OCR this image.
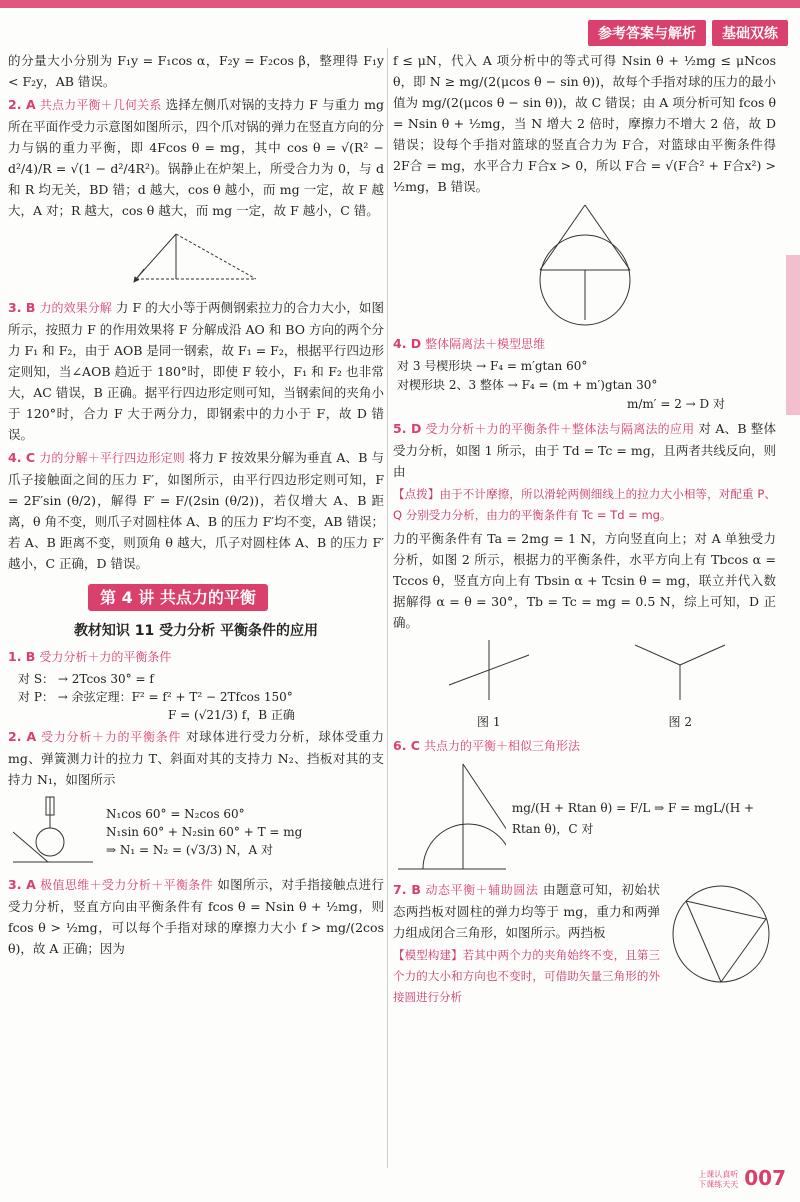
参考答案与解析	基础双练

的分量大小分别为 F₁y = F₁cos α，F₂y = F₂cos β，整理得 F₁y < F₂y，AB 错误。

2. A 共点力平衡＋几何关系 选择左侧爪对锅的支持力 F 与重力 mg 所在平面作受力示意图如图所示，四个爪对锅的弹力在竖直方向的分力与锅的重力平衡，即 4Fcos θ = mg，其中 cos θ = √(R² − d²/4)/R = √(1 − d²/4R²)。锅静止在炉架上，所受合力为 0，与 d 和 R 均无关，BD 错；d 越大，cos θ 越小，而 mg 一定，故 F 越大，A 对；R 越大，cos θ 越大，而 mg 一定，故 F 越小，C 错。

3. B 力的效果分解 力 F 的大小等于两侧钢索拉力的合力大小，如图所示，按照力 F 的作用效果将 F 分解成沿 AO 和 BO 方向的两个分力 F₁ 和 F₂，由于 AOB 是同一钢索，故 F₁ = F₂，根据平行四边形定则知，当∠AOB 趋近于 180°时，即使 F 较小，F₁ 和 F₂ 也非常大，AC 错误，B 正确。据平行四边形定则可知，当钢索间的夹角小于 120°时，合力 F 大于两分力，即钢索中的力小于 F，故 D 错误。

4. C 力的分解＋平行四边形定则 将力 F 按效果分解为垂直 A、B 与爪子接触面之间的压力 F′，如图所示，由平行四边形定则可知，F = 2F′sin (θ/2)，解得 F′ = F/(2sin (θ/2))，若仅增大 A、B 距离，θ 角不变，则爪子对圆柱体 A、B 的压力 F′均不变，AB 错误；若 A、B 距离不变，则顶角 θ 越大，爪子对圆柱体 A、B 的压力 F′越小，C 正确，D 错误。

第 4 讲 共点力的平衡
教材知识 11 受力分析 平衡条件的应用

1. B 受力分析＋力的平衡条件

对 S： → 2Tcos 30° = f
对 P： → 余弦定理：F² = f² + T² − 2Tfcos 150°
F = (√21/3) f，B 正确

2. A 受力分析＋力的平衡条件 对球体进行受力分析，球体受重力 mg、弹簧测力计的拉力 T、斜面对其的支持力 N₂、挡板对其的支持力 N₁，如图所示

N₁cos 60° = N₂cos 60°
N₁sin 60° + N₂sin 60° + T = mg
⇒ N₁ = N₂ = (√3/3) N，A 对

3. A 极值思维＋受力分析＋平衡条件 如图所示，对手指接触点进行受力分析，竖直方向由平衡条件有 fcos θ = Nsin θ + ½mg，则 fcos θ > ½mg，可以每个手指对球的摩擦力大小 f > mg/(2cos θ)，故 A 正确；因为

f ≤ μN，代入 A 项分析中的等式可得 Nsin θ + ½mg ≤ μNcos θ，即 N ≥ mg/(2(μcos θ − sin θ))，故每个手指对球的压力的最小值为 mg/(2(μcos θ − sin θ))，故 C 错误；由 A 项分析可知 fcos θ = Nsin θ + ½mg，当 N 增大 2 倍时，摩擦力不增大 2 倍，故 D 错误；设每个手指对篮球的竖直合力为 F合，对篮球由平衡条件得 2F合 = mg，水平合力 F合x > 0，所以 F合 = √(F合² + F合x²) > ½mg，B 错误。

4. D 整体隔离法＋模型思维

对 3 号楔形块 → F₄ = m′gtan 60°
对楔形块 2、3 整体 → F₄ = (m + m′)gtan 30°
m/m′ = 2 → D 对

5. D 受力分析＋力的平衡条件＋整体法与隔离法的应用 对 A、B 整体受力分析，如图 1 所示，由于 Td = Tc = mg，且两者共线反向，则由

【点拨】由于不计摩擦，所以滑轮两侧细线上的拉力大小相等，对配重 P、Q 分别受力分析，由力的平衡条件有 Tc = Td = mg。

力的平衡条件有 Ta = 2mg = 1 N，方向竖直向上；对 A 单独受力分析，如图 2 所示，根据力的平衡条件，水平方向上有 Tbcos α = Tccos θ，竖直方向上有 Tbsin α + Tcsin θ = mg，联立并代入数据解得 α = θ = 30°，Tb = Tc = mg = 0.5 N，综上可知，D 正确。

图 1	图 2

6. C 共点力的平衡＋相似三角形法

mg/(H + Rtan θ) = F/L ⇒ F = mgL/(H + Rtan θ)，C 对

7. B 动态平衡＋辅助圆法 由题意可知，初始状态两挡板对圆柱的弹力均等于 mg，重力和两弹力组成闭合三角形，如图所示。两挡板

【模型构建】若其中两个力的夹角始终不变，且第三个力的大小和方向也不变时，可借助矢量三角形的外接圆进行分析

上课认真听
下课练天天 007
